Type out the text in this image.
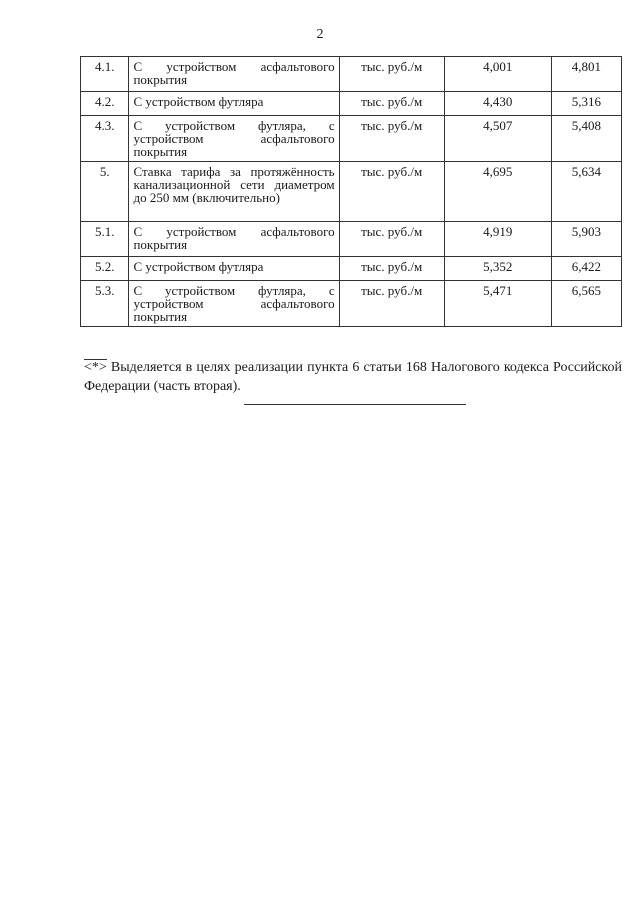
2
4.1.	С устройством асфальтового покрытия	тыс. руб./м	4,001	4,801
4.2.	С устройством футляра	тыс. руб./м	4,430	5,316
4.3.	С устройством футляра, с устройством асфальтового покрытия	тыс. руб./м	4,507	5,408
5.	Ставка тарифа за протяжённость канализационной сети диаметром до 250 мм (включительно)	тыс. руб./м	4,695	5,634
5.1.	С устройством асфальтового покрытия	тыс. руб./м	4,919	5,903
5.2.	С устройством футляра	тыс. руб./м	5,352	6,422
5.3.	С устройством футляра, с устройством асфальтового покрытия	тыс. руб./м	5,471	6,565
<*> Выделяется в целях реализации пункта 6 статьи 168 Налогового кодекса Российской Федерации (часть вторая).
